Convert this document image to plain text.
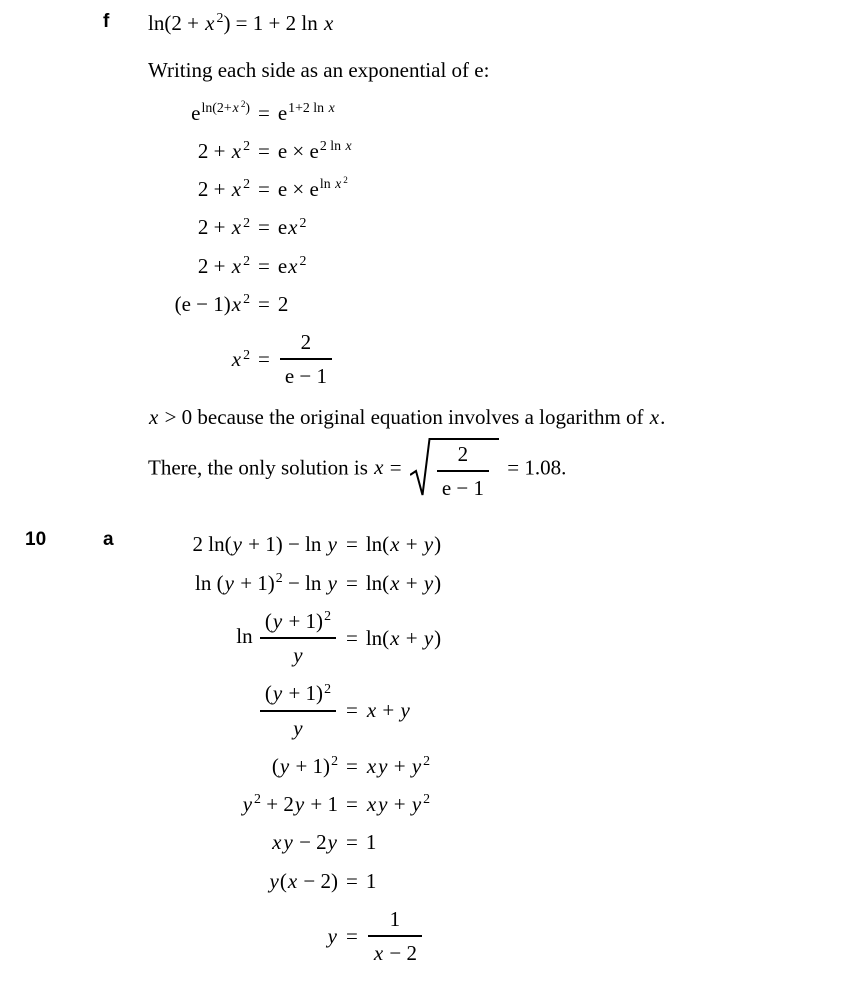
f ln(2 + x $^2$) = 1 + 2 ln x
Writing each side as an exponential of e:
$e^{ln(2+x ^2)} = e^{1+2 ln x}$
2 + x $^2 = e \times e^{2 ln x}$
2 + x $^2 = e \times e^{ln x ^2}$
2 + x $^2$ = ex $^2$
2 + x $^2$ = ex $^2$
(e − 1)x $^2$ = 2
x $^2 = \frac{2}{e - 1}$
x > 0 because the original equation involves a logarithm of x.
There, the only solution is $x = \frac{2}{e - 1} = 1.08$.
10	a	2 ln(y + 1) − ln y = ln(x + y)
$\ln (y + 1)^2 - \ln y = \ln(x + y)$
$\ln \frac{(y + 1)^2}{y} = \ln(x + y)$
$\frac{(y + 1)^2}{y} = x + y$
$(y + 1)^2$ = xy + y $^2$
y $^2$ + 2y + 1 = xy + y $^2$
xy − 2y = 1
y(x − 2) = 1
$y = \frac{1}{x - 2}$
